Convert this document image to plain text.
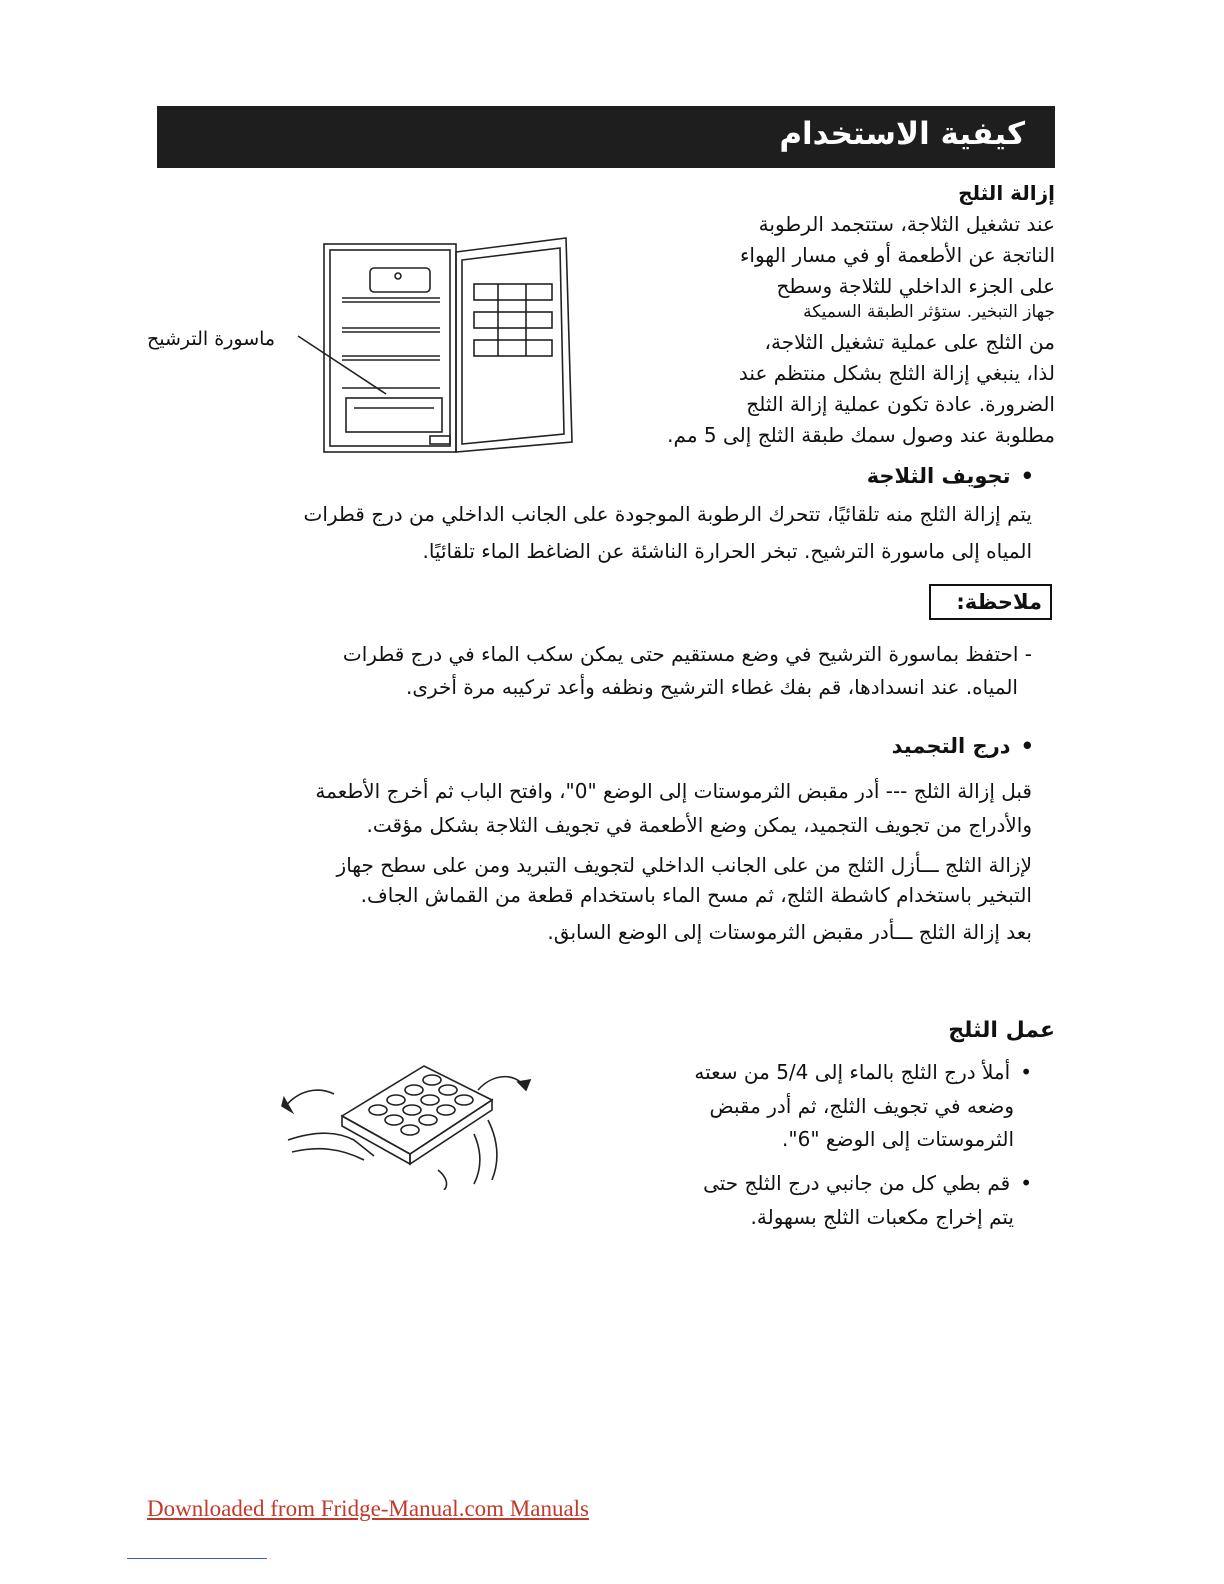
كيفية الاستخدام
إزالة الثلج
عند تشغيل الثلاجة، ستتجمد الرطوبة
الناتجة عن الأطعمة أو في مسار الهواء
على الجزء الداخلي للثلاجة وسطح
جهاز التبخير. ستؤثر الطبقة السميكة
من الثلج على عملية تشغيل الثلاجة،
لذا، ينبغي إزالة الثلج بشكل منتظم عند
الضرورة. عادة تكون عملية إزالة الثلج
مطلوبة عند وصول سمك طبقة الثلج إلى 5 مم.
ماسورة الترشيح
•تجويف الثلاجة
يتم إزالة الثلج منه تلقائيًا، تتحرك الرطوبة الموجودة على الجانب الداخلي من درج قطرات
المياه إلى ماسورة الترشيح. تبخر الحرارة الناشئة عن الضاغط الماء تلقائيًا.
ملاحظة:
- احتفظ بماسورة الترشيح في وضع مستقيم حتى يمكن سكب الماء في درج قطرات
المياه. عند انسدادها، قم بفك غطاء الترشيح ونظفه وأعد تركيبه مرة أخرى.
•درج التجميد
قبل إزالة الثلج --- أدر مقبض الثرموستات إلى الوضع "0"، وافتح الباب ثم أخرج الأطعمة
والأدراج من تجويف التجميد، يمكن وضع الأطعمة في تجويف الثلاجة بشكل مؤقت.
لإزالة الثلج ـــأزل الثلج من على الجانب الداخلي لتجويف التبريد ومن على سطح جهاز
التبخير باستخدام كاشطة الثلج، ثم مسح الماء باستخدام قطعة من القماش الجاف.
بعد إزالة الثلج ـــأدر مقبض الثرموستات إلى الوضع السابق.
عمل الثلج
•أملأ درج الثلج بالماء إلى 5/4 من سعته
وضعه في تجويف الثلج، ثم أدر مقبض
الثرموستات إلى الوضع "6".
•قم بطي كل من جانبي درج الثلج حتى
يتم إخراج مكعبات الثلج بسهولة.
Downloaded from Fridge-Manual.com Manuals
